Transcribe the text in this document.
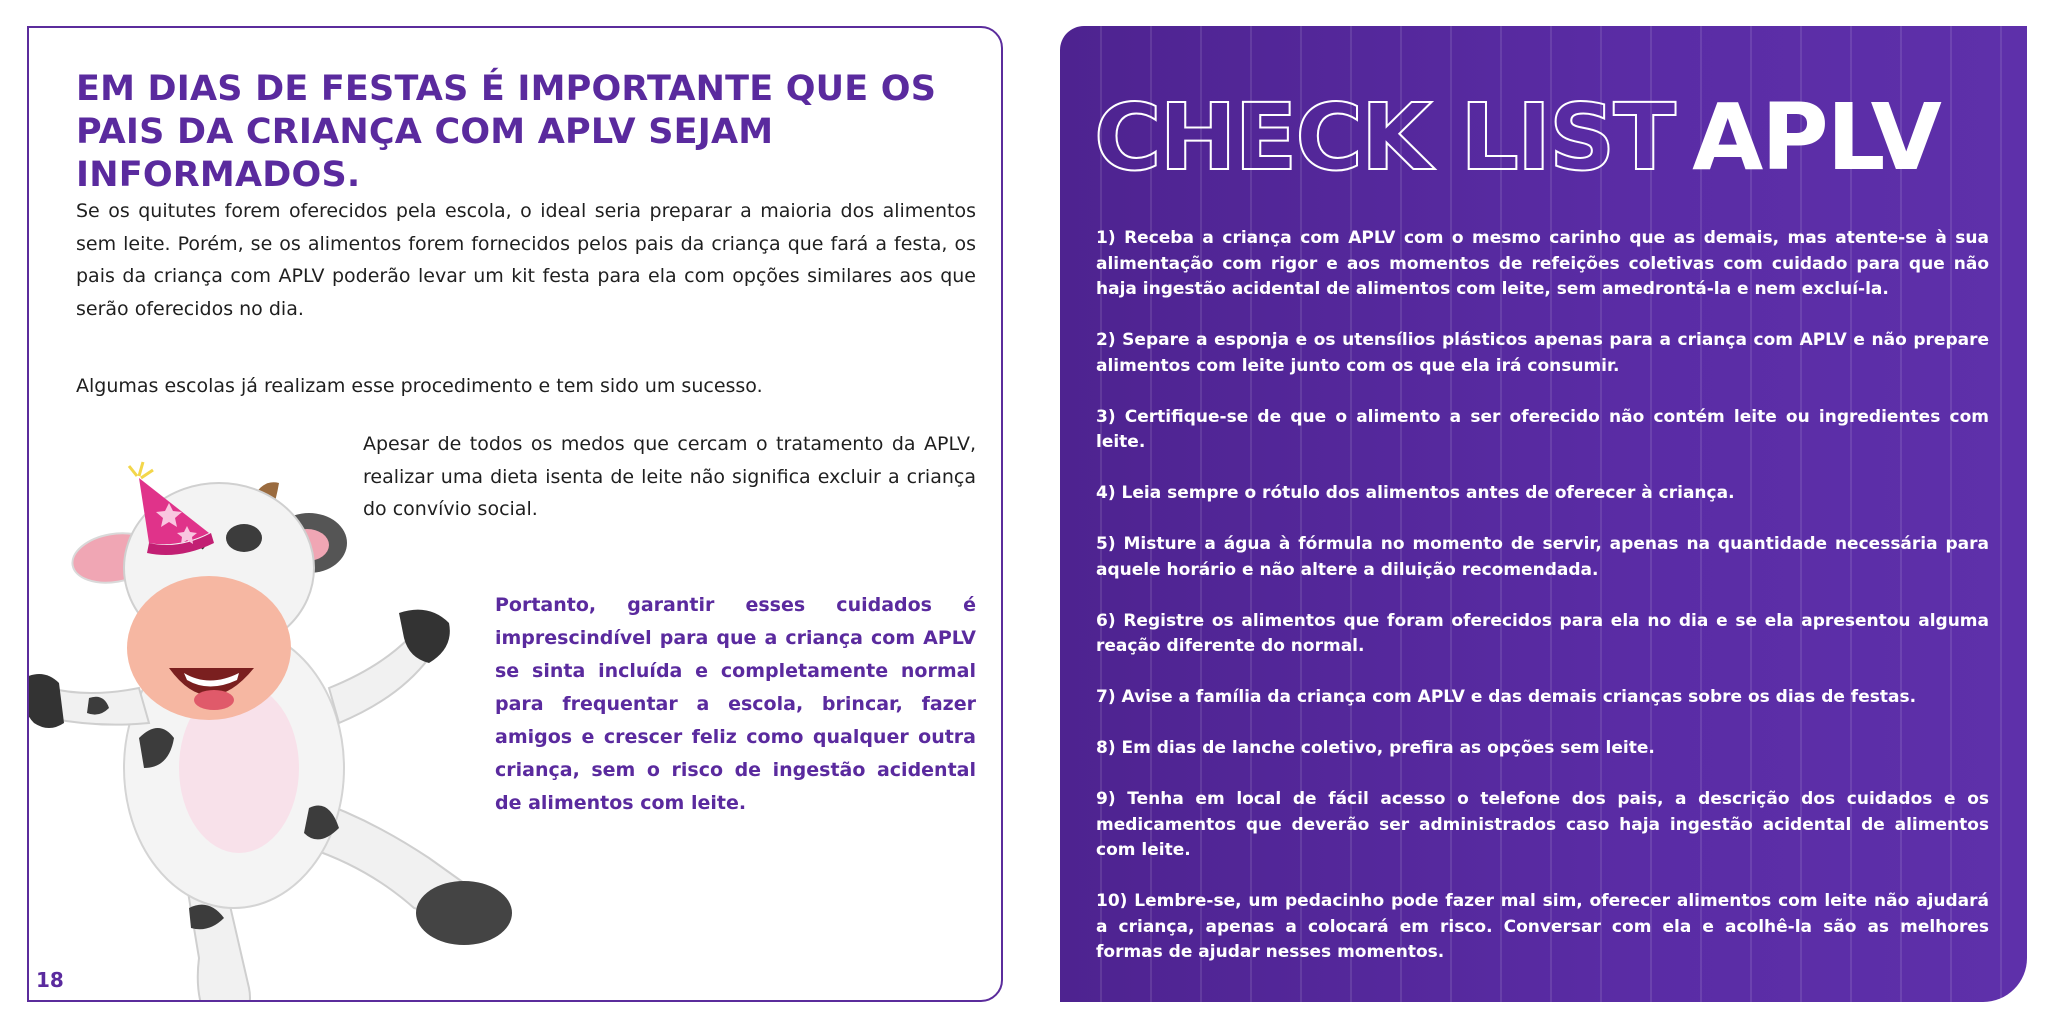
EM DIAS DE FESTAS É IMPORTANTE QUE OS PAIS DA CRIANÇA COM APLV SEJAM INFORMADOS.

Se os quitutes forem oferecidos pela escola, o ideal seria preparar a maioria dos alimentos sem leite. Porém, se os alimentos forem fornecidos pelos pais da criança que fará a festa, os pais da criança com APLV poderão levar um kit festa para ela com opções similares aos que serão oferecidos no dia.

Algumas escolas já realizam esse procedimento e tem sido um sucesso.

Apesar de todos os medos que cercam o tratamento da APLV, realizar uma dieta isenta de leite não significa excluir a criança do convívio social.

Portanto, garantir esses cuidados é imprescindível para que a criança com APLV se sinta incluída e completamente normal para frequentar a escola, brincar, fazer amigos e crescer feliz como qualquer outra criança, sem o risco de ingestão acidental de alimentos com leite.

18
CHECK LIST APLV
1) Receba a criança com APLV com o mesmo carinho que as demais, mas atente-se à sua alimentação com rigor e aos momentos de refeições coletivas com cuidado para que não haja ingestão acidental de alimentos com leite, sem amedrontá-la e nem excluí-la.
2) Separe a esponja e os utensílios plásticos apenas para a criança com APLV e não prepare alimentos com leite junto com os que ela irá consumir.
3) Certifique-se de que o alimento a ser oferecido não contém leite ou ingredientes com leite.
4) Leia sempre o rótulo dos alimentos antes de oferecer à criança.
5) Misture a água à fórmula no momento de servir, apenas na quantidade necessária para aquele horário e não altere a diluição recomendada.
6) Registre os alimentos que foram oferecidos para ela no dia e se ela apresentou alguma reação diferente do normal.
7) Avise a família da criança com APLV e das demais crianças sobre os dias de festas.
8) Em dias de lanche coletivo, prefira as opções sem leite.
9) Tenha em local de fácil acesso o telefone dos pais, a descrição dos cuidados e os medicamentos que deverão ser administrados caso haja ingestão acidental de alimentos com leite.
10) Lembre-se, um pedacinho pode fazer mal sim, oferecer alimentos com leite não ajudará a criança, apenas a colocará em risco. Conversar com ela e acolhê-la são as melhores formas de ajudar nesses momentos.
